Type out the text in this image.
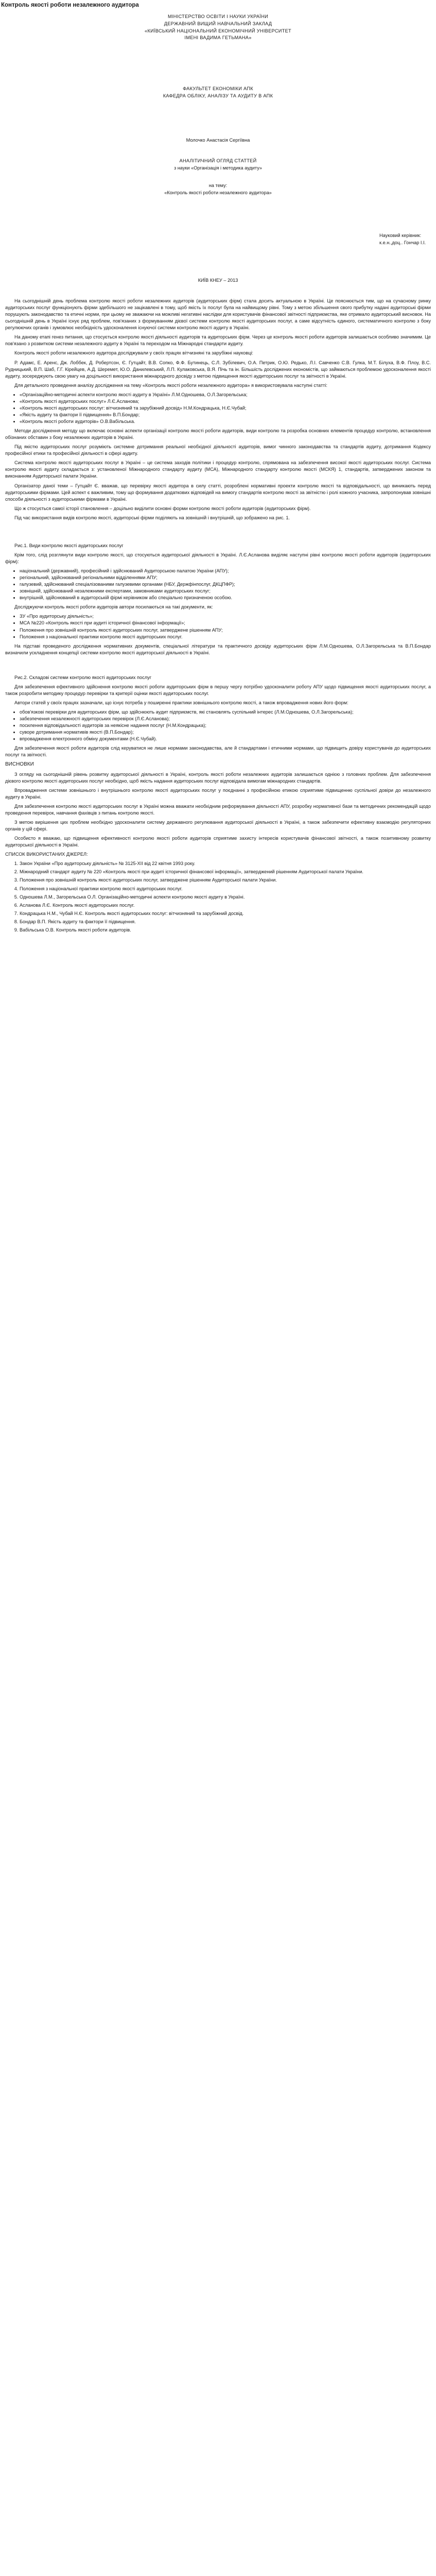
Контроль якості роботи незалежного аудитора

МІНІСТЕРСТВО ОСВІТИ І НАУКИ УКРАЇНИ

ДЕРЖАВНИЙ ВИЩИЙ НАВЧАЛЬНИЙ ЗАКЛАД

«КИЇВСЬКИЙ НАЦІОНАЛЬНИЙ ЕКОНОМІЧНИЙ УНІВЕРСИТЕТ

ІМЕНІ ВАДИМА ГЕТЬМАНА»

ФАКУЛЬТЕТ ЕКОНОМІКИ АПК

КАФЕДРА ОБЛІКУ, АНАЛІЗУ ТА АУДИТУ В АПК

Молочко Анастасія Сергіївна

АНАЛІТИЧНИЙ ОГЛЯД СТАТТЕЙ

з науки «Організація і методика аудиту»

на тему:

«Контроль якості роботи незалежного аудитора»

Науковий керівник:
к.е.н.,доц.. Гончар І.І.
КИЇВ КНЕУ – 2013

На сьогоднішній день проблема контролю якості роботи незалежних аудиторів (аудиторських фірм) стала досить актуальною в Україні. Це пояснюється тим, що на сучасному ринку аудиторських послуг функціонують фірми здебільшого не зацікавлені в тому, щоб якість їх послуг була на найвищому рівні. Тому з метою збільшення свого прибутку надані аудиторські фірми порушують законодавство та етичні норми, при цьому не зважаючи на можливі негативні наслідки для користувачів фінансової звітності підприємства, яке отримало аудиторський висновок. На сьогоднішній день в Україні існує ряд проблем, пов'язаних з формуванням дієвої системи контролю якості аудиторських послуг, а саме відсутність єдиного, систематичного контролю з боку регулюючих органів і зумовлює необхідність удосконалення існуючої системи контролю якості аудиту в Україні.

На даному етапі генез питання, що стосується контролю якості діяльності аудиторів та аудиторських фірм. Через це контроль якості роботи аудиторів залишається особливо значимим. Це пов'язано з розвитком системи незалежного аудиту в Україні та переходом на Міжнародні стандарти аудиту.

Контроль якості роботи незалежного аудитора досліджували у своїх працях вітчизняні та зарубіжні науковці:

Р. Адамс, Е. Аренс, Дж. Лоббек, Д. Робертсон, Є. Гутцайт, В.В. Сопко, Ф.Ф. Бутинець, С.Л. Зубілевич, О.А. Петрик, О.Ю. Редько, Л.І. Савченко С.В. Гулка, М.Т. Білуха, В.Ф. Плоу, В.С. Рудницький, В.П. Шаб, Г.Г. Кірейцев, А.Д. Шеремет, Ю.О. Данилевський, Л.П. Кулаковська, В.Я. Пічь та ін. Більшість досліджених економістів, що займаються проблемою удосконалення якості аудиту, зосереджують свою увагу на доцільності використання міжнародного досвіду з метою підвищення якості аудиторських послуг та звітності в Україні.

Для детального проведення аналізу дослідження на тему «Контроль якості роботи незалежного аудитора» я використовувала наступні статті:

• «Організаційно-методичні аспекти контролю якості аудиту в Україні» Л.М.Одношева, О.Л.Загорельська;
• «Контроль якості аудиторських послуг» Л.Є.Асланова;
• «Контроль якості аудиторських послуг: вітчизняний та зарубіжний досвід» Н.М.Кондрацька, Н.Є.Чубай;
• «Якість аудиту та фактори її підвищення» В.П.Бондар;
• «Контроль якості роботи аудиторів» О.В.Вабільська.

Методи дослідження методу що включає основні аспекти організації контролю якості роботи аудиторів, види контролю та розробка основних елементів процедур контролю, встановлення обізнаних обставин з боку незалежних аудиторів в Україні.

Під якістю аудиторських послуг розуміють системне дотримання реальної необхідної діяльності аудиторів, вимог чинного законодавства та стандартів аудиту, дотримання Кодексу професійної етики та професійної діяльності в сфері аудиту.

Система контролю якості аудиторських послуг в Україні – це система заходів політики і процедур контролю, спрямована на забезпечення високої якості аудиторських послуг. Система контролю якості аудиту складається з: установленої Міжнародного стандарту аудиту (МСА), Міжнародного стандарту контролю якості (МСКЯ) 1, стандартів, затверджених законом та виконанням Аудиторської палати України.

Організатор даної теми – Гутцайт Є. вважав, що перевірку якості аудитора в силу статті, розроблені нормативні проекти контролю якості та відповідальності, що виникають перед аудиторськими фірмами. Цей аспект є важливим, тому що формування додаткових відповідей на вимогу стандартів контролю якості за звітністю і ролі кожного учасника, запропонував зовнішні способи діяльності з аудиторськими фірмами в Україні.

Що ж стосується самої історії становлення – доцільно виділити основні форми контролю якості роботи аудиторів (аудиторських фірм).

Під час використання видів контролю якості, аудиторські фірми поділяють на зовнішній і внутрішній, що зображено на рис. 1.

Рис.1. Види контролю якості аудиторських послуг

Крім того, слід розглянути види контролю якості, що стосуються аудиторської діяльності в Україні. Л.Є.Асланова виділяє наступні рівні контролю якості роботи аудиторів (аудиторських фірм):

• національний (державний), професійний і здійснюваний Аудиторською палатою України (АПУ);
• регіональний, здійснюваний регіональними відділеннями АПУ;
• галузевий, здійснюваний спеціалізованими галузевими органами (НБУ, Держфінпослуг, ДКЦПФР);
• зовнішній, здійснюваний незалежними експертами, замовниками аудиторських послуг;
• внутрішній, здійснюваний в аудиторській фірмі керівником або спеціально призначеною особою.

Досліджуючи контроль якості роботи аудиторів автори посилаються на такі документи, як:

• ЗУ «Про аудиторську діяльність»;
• МСА №220 «Контроль якості при аудиті історичної фінансової інформації»;
• Положення про зовнішній контроль якості аудиторських послуг, затверджене рішенням АПУ;
• Положення з національної практики контролю якості аудиторських послуг.

На підставі проведеного дослідження нормативних документів, спеціальної літератури та практичного досвіду аудиторських фірм Л.М.Одношева, О.Л.Загорельська та В.П.Бондар визначили ускладнення концепції системи контролю якості аудиторської діяльності в Україні.

Рис.2. Складові системи контролю якості аудиторських послуг

Для забезпечення ефективного здійснення контролю якості роботи аудиторських фірм в першу чергу потрібно удосконалити роботу АПУ щодо підвищення якості аудиторських послуг, а також розробити методику процедур перевірки та критерії оцінки якості аудиторських послуг.

Автори статей у своїх працях зазначали, що існує потреба у поширенні практики зовнішнього контролю якості, а також впровадження нових його форм:

• обов'язкові перевірки для аудиторських фірм, що здійснюють аудит підприємств, які становлять суспільний інтерес (Л.М.Одношева, О.Л.Загорельська);
• забезпечення незалежності аудиторських перевірок (Л.Є.Асланова);
• посилення відповідальності аудиторів за неякісне надання послуг (Н.М.Кондрацька);
• суворе дотримання нормативів якості (В.П.Бондар);
• впровадження електронного обміну документами (Н.Є.Чубай).

Для забезпечення якості роботи аудиторів слід керуватися не лише нормами законодавства, але й стандартами і етичними нормами, що підвищить довіру користувачів до аудиторських послуг та звітності.

ВИСНОВКИ

З огляду на сьогоднішній рівень розвитку аудиторської діяльності в Україні, контроль якості роботи незалежних аудиторів залишається однією з головних проблем. Для забезпечення дієвого контролю якості аудиторських послуг необхідно, щоб якість надання аудиторських послуг відповідала вимогам міжнародних стандартів.

Впровадження системи зовнішнього і внутрішнього контролю якості аудиторських послуг у поєднанні з професійною етикою сприятиме підвищенню суспільної довіри до незалежного аудиту в Україні.

Для забезпечення контролю якості аудиторських послуг в Україні можна вважати необхідним реформування діяльності АПУ, розробку нормативної бази та методичних рекомендацій щодо проведення перевірок, навчання фахівців з питань контролю якості.

З метою вирішення цих проблем необхідно удосконалити систему державного регулювання аудиторської діяльності в Україні, а також забезпечити ефективну взаємодію регуляторних органів у цій сфері.

Особисто я вважаю, що підвищення ефективності контролю якості роботи аудиторів сприятиме захисту інтересів користувачів фінансової звітності, а також позитивному розвитку аудиторської діяльності в Україні.

СПИСОК ВИКОРИСТАНИХ ДЖЕРЕЛ:

1. Закон України «Про аудиторську діяльність» № 3125-XII від 22 квітня 1993 року.
2. Міжнародний стандарт аудиту № 220 «Контроль якості при аудиті історичної фінансової інформації», затверджений рішенням Аудиторської палати України.
3. Положення про зовнішній контроль якості аудиторських послуг, затверджене рішенням Аудиторської палати України.
4. Положення з національної практики контролю якості аудиторських послуг.
5. Одношева Л.М., Загорельська О.Л. Організаційно-методичні аспекти контролю якості аудиту в Україні.
6. Асланова Л.Є. Контроль якості аудиторських послуг.
7. Кондрацька Н.М., Чубай Н.Є. Контроль якості аудиторських послуг: вітчизняний та зарубіжний досвід.
8. Бондар В.П. Якість аудиту та фактори її підвищення.
9. Вабільська О.В. Контроль якості роботи аудиторів.
